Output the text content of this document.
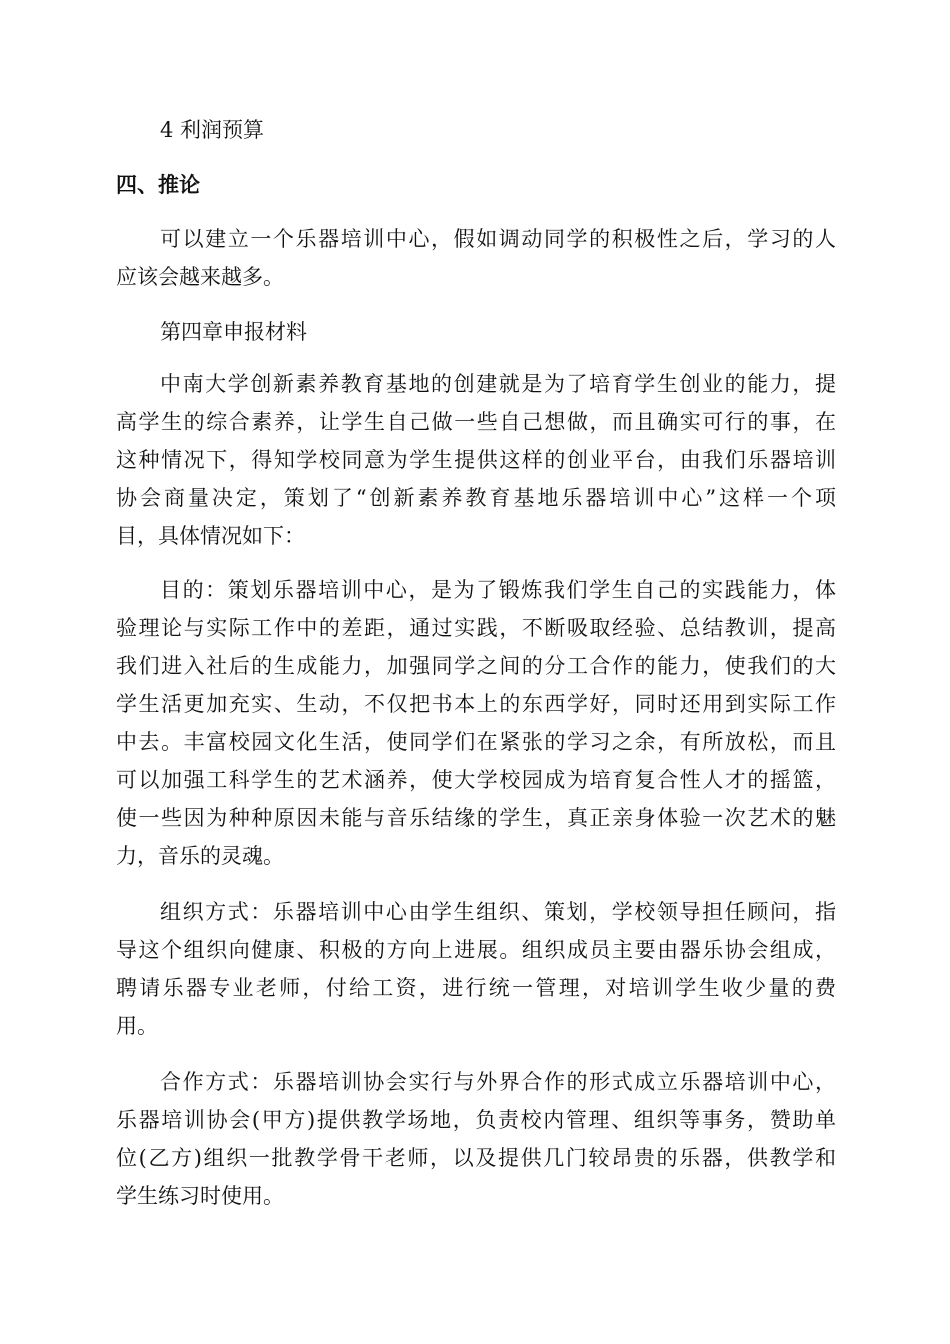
4 利润预算
四、推论
可以建立一个乐器培训中心，假如调动同学的积极性之后，学习的人
应该会越来越多。
第四章申报材料
中南大学创新素养教育基地的创建就是为了培育学生创业的能力，提
高学生的综合素养，让学生自己做一些自己想做，而且确实可行的事，在
这种情况下，得知学校同意为学生提供这样的创业平台，由我们乐器培训
协会商量决定，策划了“创新素养教育基地乐器培训中心”这样一个项
目，具体情况如下：
目的：策划乐器培训中心，是为了锻炼我们学生自己的实践能力，体
验理论与实际工作中的差距，通过实践，不断吸取经验、总结教训，提高
我们进入社后的生成能力，加强同学之间的分工合作的能力，使我们的大
学生活更加充实、生动，不仅把书本上的东西学好，同时还用到实际工作
中去。丰富校园文化生活，使同学们在紧张的学习之余，有所放松，而且
可以加强工科学生的艺术涵养，使大学校园成为培育复合性人才的摇篮，
使一些因为种种原因未能与音乐结缘的学生，真正亲身体验一次艺术的魅
力，音乐的灵魂。
组织方式：乐器培训中心由学生组织、策划，学校领导担任顾问，指
导这个组织向健康、积极的方向上进展。组织成员主要由器乐协会组成，
聘请乐器专业老师，付给工资，进行统一管理，对培训学生收少量的费
用。
合作方式：乐器培训协会实行与外界合作的形式成立乐器培训中心，
乐器培训协会(甲方)提供教学场地，负责校内管理、组织等事务，赞助单
位(乙方)组织一批教学骨干老师，以及提供几门较昂贵的乐器，供教学和
学生练习时使用。
